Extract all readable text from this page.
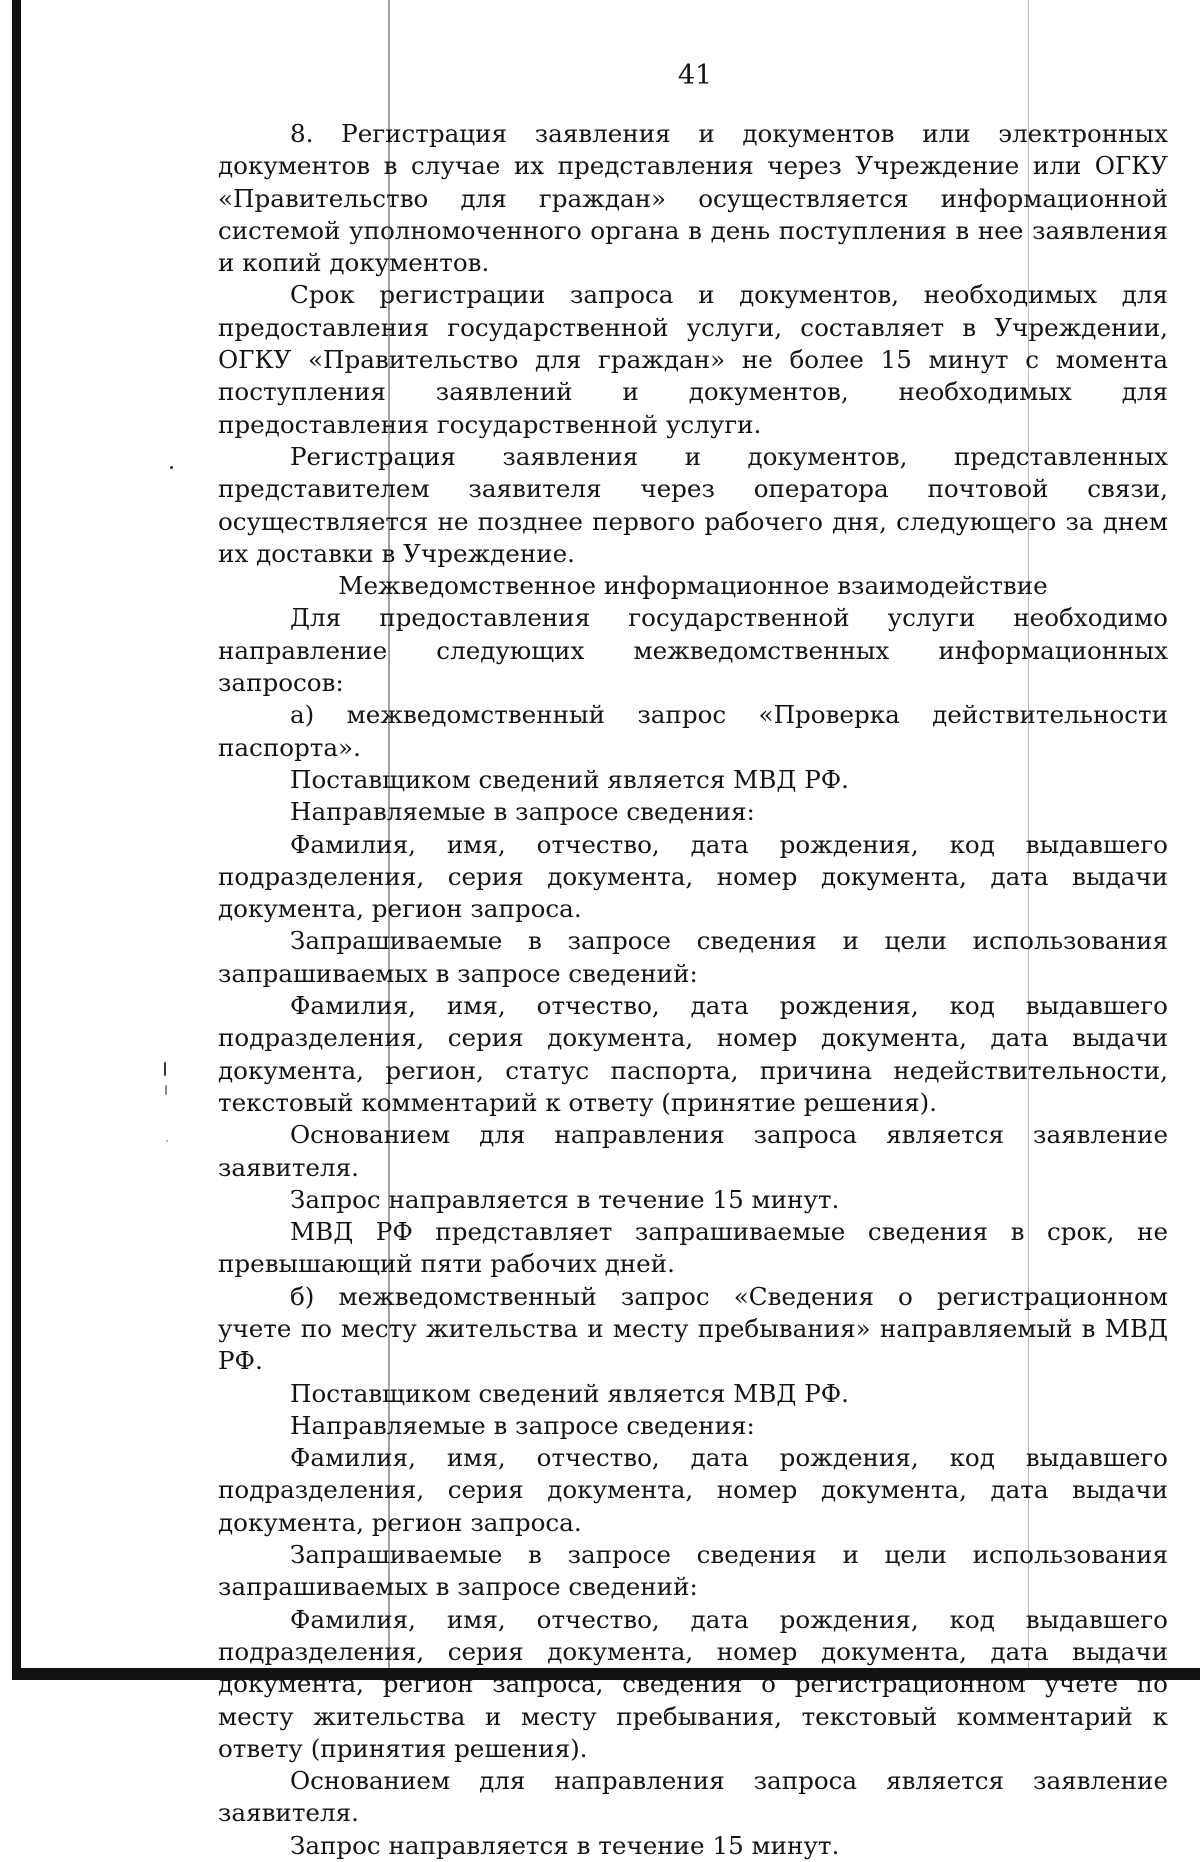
41

8. Регистрация заявления и документов или электронных документов в случае их представления через Учреждение или ОГКУ «Правительство для граждан» осуществляется информационной системой уполномоченного органа в день поступления в нее заявления и копий документов.

Срок регистрации запроса и документов, необходимых для предоставления государственной услуги, составляет в Учреждении, ОГКУ «Правительство для граждан» не более 15 минут с момента поступления заявлений и документов, необходимых для предоставления государственной услуги.

Регистрация заявления и документов, представленных представителем заявителя через оператора почтовой связи, осуществляется не позднее первого рабочего дня, следующего за днем их доставки в Учреждение.

Межведомственное информационное взаимодействие

Для предоставления государственной услуги необходимо направление следующих межведомственных информационных запросов:

а) межведомственный запрос «Проверка действительности паспорта».

Поставщиком сведений является МВД РФ.

Направляемые в запросе сведения:

Фамилия, имя, отчество, дата рождения, код выдавшего подразделения, серия документа, номер документа, дата выдачи документа, регион запроса.

Запрашиваемые в запросе сведения и цели использования запрашиваемых в запросе сведений:

Фамилия, имя, отчество, дата рождения, код выдавшего подразделения, серия документа, номер документа, дата выдачи документа, регион, статус паспорта, причина недействительности, текстовый комментарий к ответу (принятие решения).

Основанием для направления запроса является заявление заявителя.

Запрос направляется в течение 15 минут.

МВД РФ представляет запрашиваемые сведения в срок, не превышающий пяти рабочих дней.

б) межведомственный запрос «Сведения о регистрационном учете по месту жительства и месту пребывания» направляемый в МВД РФ.

Поставщиком сведений является МВД РФ.

Направляемые в запросе сведения:

Фамилия, имя, отчество, дата рождения, код выдавшего подразделения, серия документа, номер документа, дата выдачи документа, регион запроса.

Запрашиваемые в запросе сведения и цели использования запрашиваемых в запросе сведений:

Фамилия, имя, отчество, дата рождения, код выдавшего подразделения, серия документа, номер документа, дата выдачи документа, регион запроса, сведения о регистрационном учете по месту жительства и месту пребывания, текстовый комментарий к ответу (принятия решения).

Основанием для направления запроса является заявление заявителя.

Запрос направляется в течение 15 минут.
